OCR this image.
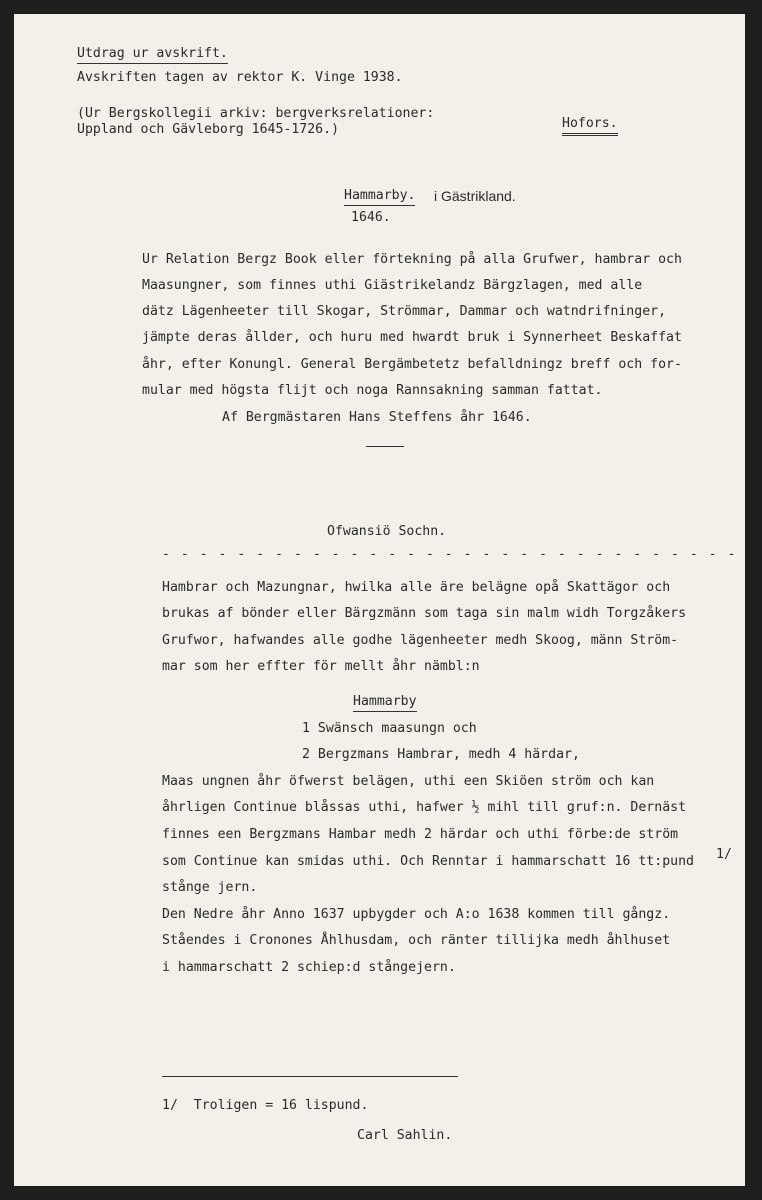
Utdrag ur avskrift.
Avskriften tagen av rektor K. Vinge 1938.
(Ur Bergskollegii arkiv: bergverksrelationer:
Uppland och Gävleborg 1645-1726.)	Hofors.
Hammarby. i Gästrikland.
1646.
Ur Relation Bergz Book eller förtekning på alla Grufwer, hambrar och
Maasungner, som finnes uthi Giästrikelandz Bärgzlagen, med alle
dätz Lägenheeter till Skogar, Strömmar, Dammar och watndrifninger,
jämpte deras ållder, och huru med hwardt bruk i Synnerheet Beskaffat
åhr, efter Konungl. General Bergämbetetz befalldningz breff och for-
mular med högsta flijt och noga Rannsakning samman fattat.
Af Bergmästaren Hans Steffens åhr 1646.
Ofwansiö Sochn.
- - - - - - - - - - - - - - - - - - - - - - - - - - - - - - -
Hambrar och Mazungnar, hwilka alle äre belägne opå Skattägor och
brukas af bönder eller Bärgzmänn som taga sin malm widh Torgzåkers
Grufwor, hafwandes alle godhe lägenheeter medh Skoog, männ Ström-
mar som her effter för mellt åhr nämbl:n
Hammarby
1 Swänsch maasungn och
2 Bergzmans Hambrar, medh 4 härdar,
Maas ungnen åhr öfwerst belägen, uthi een Skiöen ström och kan
åhrligen Continue blåssas uthi, hafwer ½ mihl till gruf:n. Dernäst
finnes een Bergzmans Hambar medh 2 härdar och uthi förbe:de ström
som Continue kan smidas uthi. Och Renntar i hammarschatt 16 tt:pund
stånge jern.
Den Nedre åhr Anno 1637 upbygder och A:o 1638 kommen till gångz.
Ståendes i Cronones Åhlhusdam, och ränter tillijka medh åhlhuset
i hammarschatt 2 schiep:d stångejern.
1/
1/  Troligen = 16 lispund.
Carl Sahlin.
